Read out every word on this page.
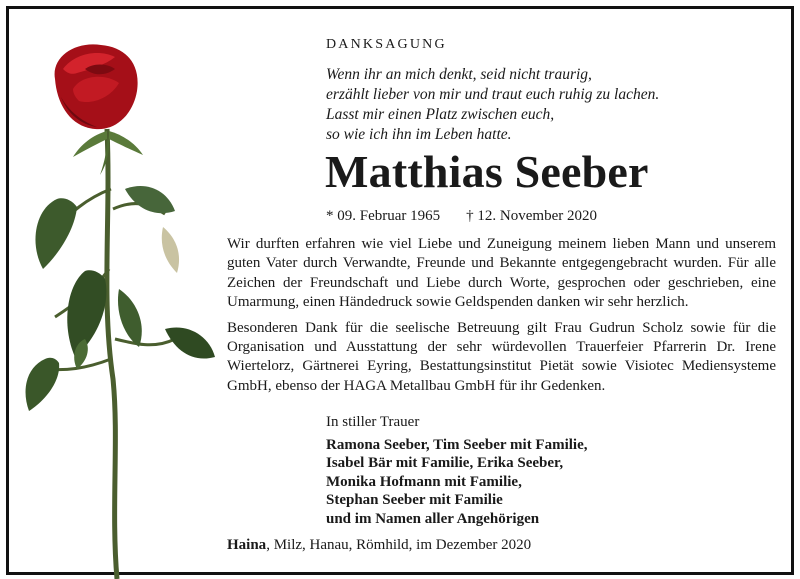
DANKSAGUNG
Wenn ihr an mich denkt, seid nicht traurig,
erzählt lieber von mir und traut euch ruhig zu lachen.
Lasst mir einen Platz zwischen euch,
so wie ich ihn im Leben hatte.
Matthias Seeber
* 09. Februar 1965 † 12. November 2020

Wir durften erfahren wie viel Liebe und Zuneigung meinem lieben Mann und unserem guten Vater durch Verwandte, Freunde und Bekannte entgegengebracht wurden. Für alle Zeichen der Freundschaft und Liebe durch Worte, gesprochen oder geschrieben, eine Umarmung, einen Händedruck sowie Geldspenden danken wir sehr herzlich.

Besonderen Dank für die seelische Betreuung gilt Frau Gudrun Scholz sowie für die Organisation und Ausstattung der sehr würdevollen Trauerfeier Pfarrerin Dr. Irene Wiertelorz, Gärtnerei Eyring, Bestattungsinstitut Pietät sowie Visiotec Mediensysteme GmbH, ebenso der HAGA Metallbau GmbH für ihr Gedenken.

In stiller Trauer
Ramona Seeber, Tim Seeber mit Familie,
Isabel Bär mit Familie, Erika Seeber,
Monika Hofmann mit Familie,
Stephan Seeber mit Familie
und im Namen aller Angehörigen
Haina, Milz, Hanau, Römhild, im Dezember 2020
